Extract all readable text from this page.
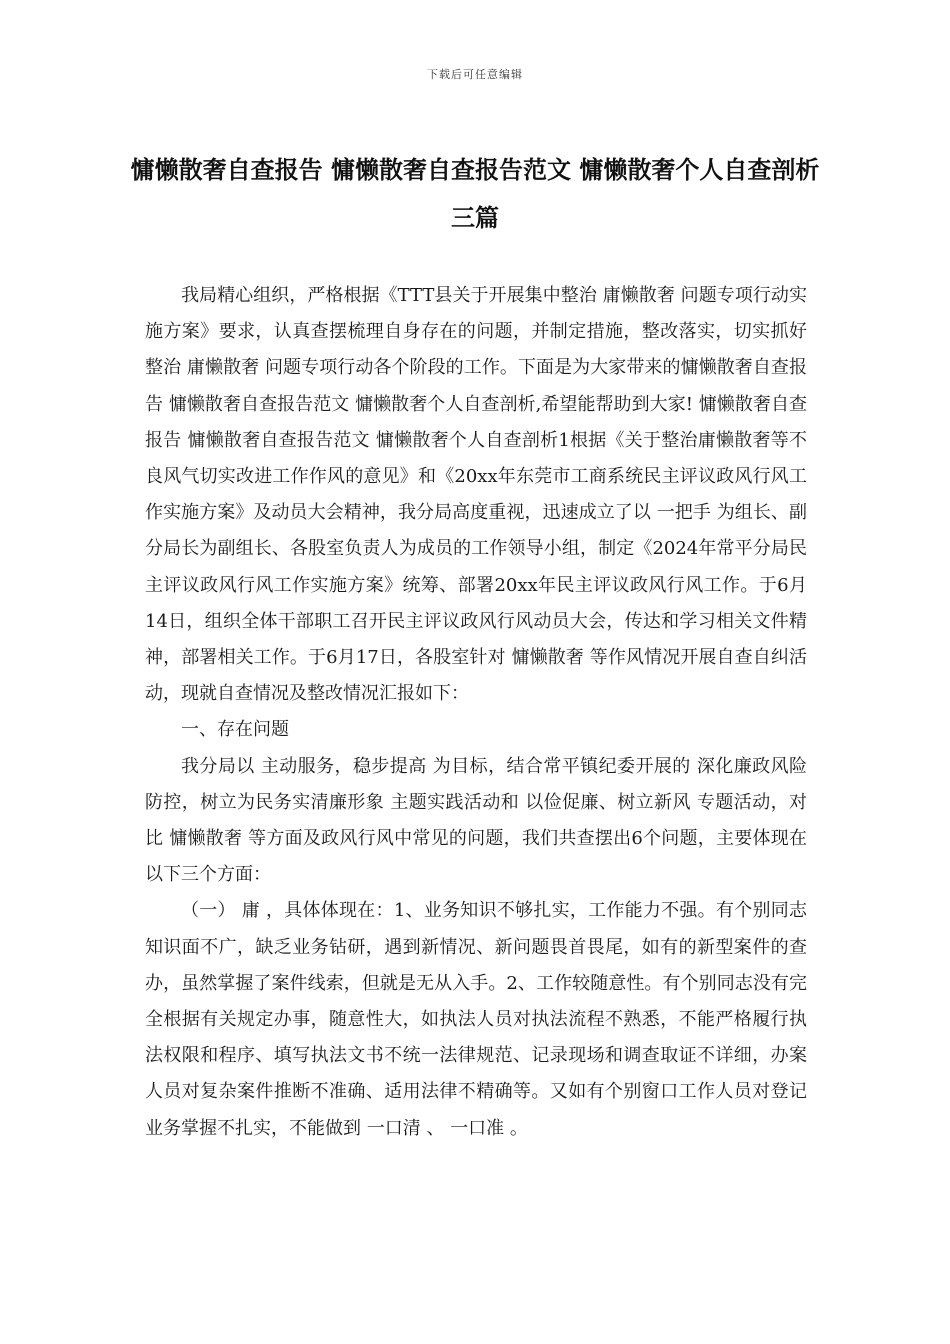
下载后可任意编辑
慵懒散奢自查报告 慵懒散奢自查报告范文 慵懒散奢个人自查剖析三篇

我局精心组织，严格根据《TTT县关于开展集中整治 庸懒散奢 问题专项行动实施方案》要求，认真查摆梳理自身存在的问题，并制定措施，整改落实，切实抓好整治 庸懒散奢 问题专项行动各个阶段的工作。下面是为大家带来的慵懒散奢自查报告 慵懒散奢自查报告范文 慵懒散奢个人自查剖析,希望能帮助到大家! 慵懒散奢自查报告 慵懒散奢自查报告范文 慵懒散奢个人自查剖析1根据《关于整治庸懒散奢等不良风气切实改进工作作风的意见》和《20xx年东莞市工商系统民主评议政风行风工作实施方案》及动员大会精神，我分局高度重视，迅速成立了以 一把手 为组长、副分局长为副组长、各股室负责人为成员的工作领导小组，制定《2024年常平分局民主评议政风行风工作实施方案》统筹、部署20xx年民主评议政风行风工作。于6月14日，组织全体干部职工召开民主评议政风行风动员大会，传达和学习相关文件精神，部署相关工作。于6月17日，各股室针对 慵懒散奢 等作风情况开展自查自纠活动，现就自查情况及整改情况汇报如下：

一、存在问题

我分局以 主动服务，稳步提高 为目标，结合常平镇纪委开展的 深化廉政风险防控，树立为民务实清廉形象 主题实践活动和 以俭促廉、树立新风 专题活动，对比 慵懒散奢 等方面及政风行风中常见的问题，我们共查摆出6个问题，主要体现在以下三个方面：

（一） 庸 ，具体体现在：1、业务知识不够扎实，工作能力不强。有个别同志知识面不广，缺乏业务钻研，遇到新情况、新问题畏首畏尾，如有的新型案件的查办，虽然掌握了案件线索，但就是无从入手。2、工作较随意性。有个别同志没有完全根据有关规定办事，随意性大，如执法人员对执法流程不熟悉，不能严格履行执法权限和程序、填写执法文书不统一法律规范、记录现场和调查取证不详细，办案人员对复杂案件推断不准确、适用法律不精确等。又如有个别窗口工作人员对登记业务掌握不扎实，不能做到 一口清 、 一口准 。
